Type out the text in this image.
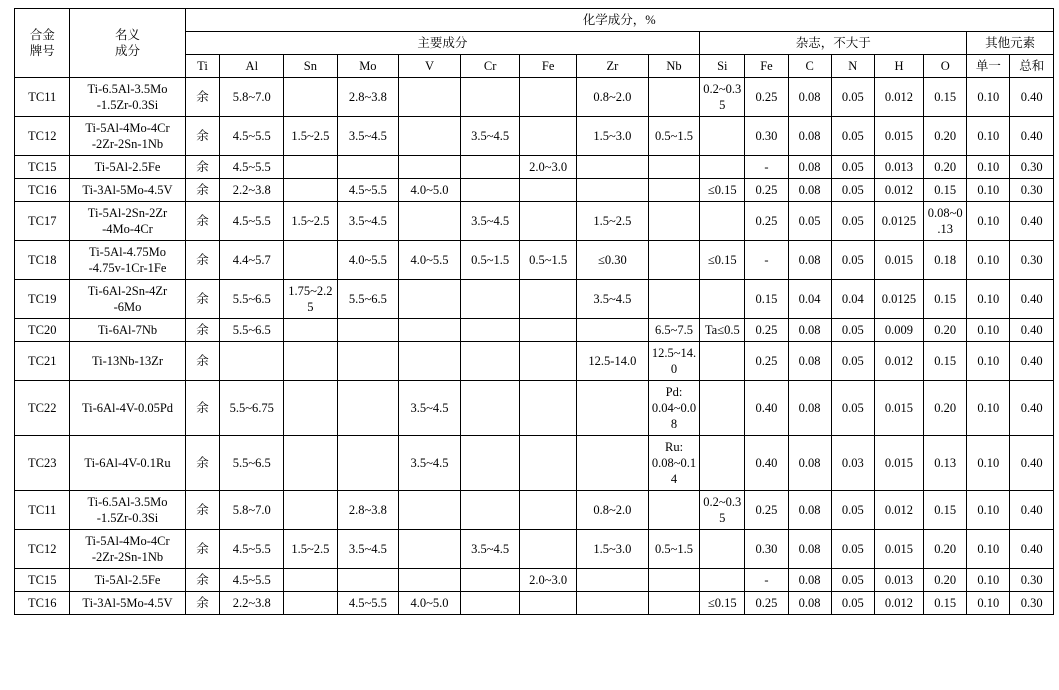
合金
牌号

名义
成分
	化学成分，%
		主要成分									杂志，不大于						其他元素	
		Ti	Al	Sn	Mo	V	Cr	Fe	Zr	Nb	Si	Fe	C	N	H	O	单一	总和
TC11	Ti-6.5Al-3.5Mo
-1.5Zr-0.3Si	余	5.8~7.0		2.8~3.8				0.8~2.0		0.2~0.35	0.25	0.08	0.05	0.012	0.15	0.10	0.40
TC12	Ti-5Al-4Mo-4Cr
-2Zr-2Sn-1Nb	余	4.5~5.5	1.5~2.5	3.5~4.5		3.5~4.5		1.5~3.0	0.5~1.5		0.30	0.08	0.05	0.015	0.20	0.10	0.40
TC15	Ti-5Al-2.5Fe	余	4.5~5.5					2.0~3.0				-	0.08	0.05	0.013	0.20	0.10	0.30
TC16	Ti-3Al-5Mo-4.5V	余	2.2~3.8		4.5~5.5	4.0~5.0					≤0.15	0.25	0.08	0.05	0.012	0.15	0.10	0.30
TC17	Ti-5Al-2Sn-2Zr
-4Mo-4Cr	余	4.5~5.5	1.5~2.5	3.5~4.5		3.5~4.5		1.5~2.5			0.25	0.05	0.05	0.0125	0.08~0.13	0.10	0.40
TC18	Ti-5Al-4.75Mo
-4.75v-1Cr-1Fe	余	4.4~5.7		4.0~5.5	4.0~5.5	0.5~1.5	0.5~1.5	≤0.30		≤0.15	-	0.08	0.05	0.015	0.18	0.10	0.30
TC19	Ti-6Al-2Sn-4Zr
-6Mo	余	5.5~6.5	1.75~2.25	5.5~6.5				3.5~4.5			0.15	0.04	0.04	0.0125	0.15	0.10	0.40
TC20	Ti-6Al-7Nb	余	5.5~6.5							6.5~7.5	Ta≤0.5	0.25	0.08	0.05	0.009	0.20	0.10	0.40
TC21	Ti-13Nb-13Zr	余							12.5-14.0	12.5~14.0		0.25	0.08	0.05	0.012	0.15	0.10	0.40
TC22	Ti-6Al-4V-0.05Pd	余	5.5~6.75			3.5~4.5				Pd: 0.04~0.08		0.40	0.08	0.05	0.015	0.20	0.10	0.40
TC23	Ti-6Al-4V-0.1Ru	余	5.5~6.5			3.5~4.5				Ru: 0.08~0.14		0.40	0.08	0.03	0.015	0.13	0.10	0.40
TC11	Ti-6.5Al-3.5Mo
-1.5Zr-0.3Si	余	5.8~7.0		2.8~3.8				0.8~2.0		0.2~0.35	0.25	0.08	0.05	0.012	0.15	0.10	0.40
TC12	Ti-5Al-4Mo-4Cr
-2Zr-2Sn-1Nb	余	4.5~5.5	1.5~2.5	3.5~4.5		3.5~4.5		1.5~3.0	0.5~1.5		0.30	0.08	0.05	0.015	0.20	0.10	0.40
TC15	Ti-5Al-2.5Fe	余	4.5~5.5					2.0~3.0				-	0.08	0.05	0.013	0.20	0.10	0.30
TC16	Ti-3Al-5Mo-4.5V	余	2.2~3.8		4.5~5.5	4.0~5.0					≤0.15	0.25	0.08	0.05	0.012	0.15	0.10	0.30
